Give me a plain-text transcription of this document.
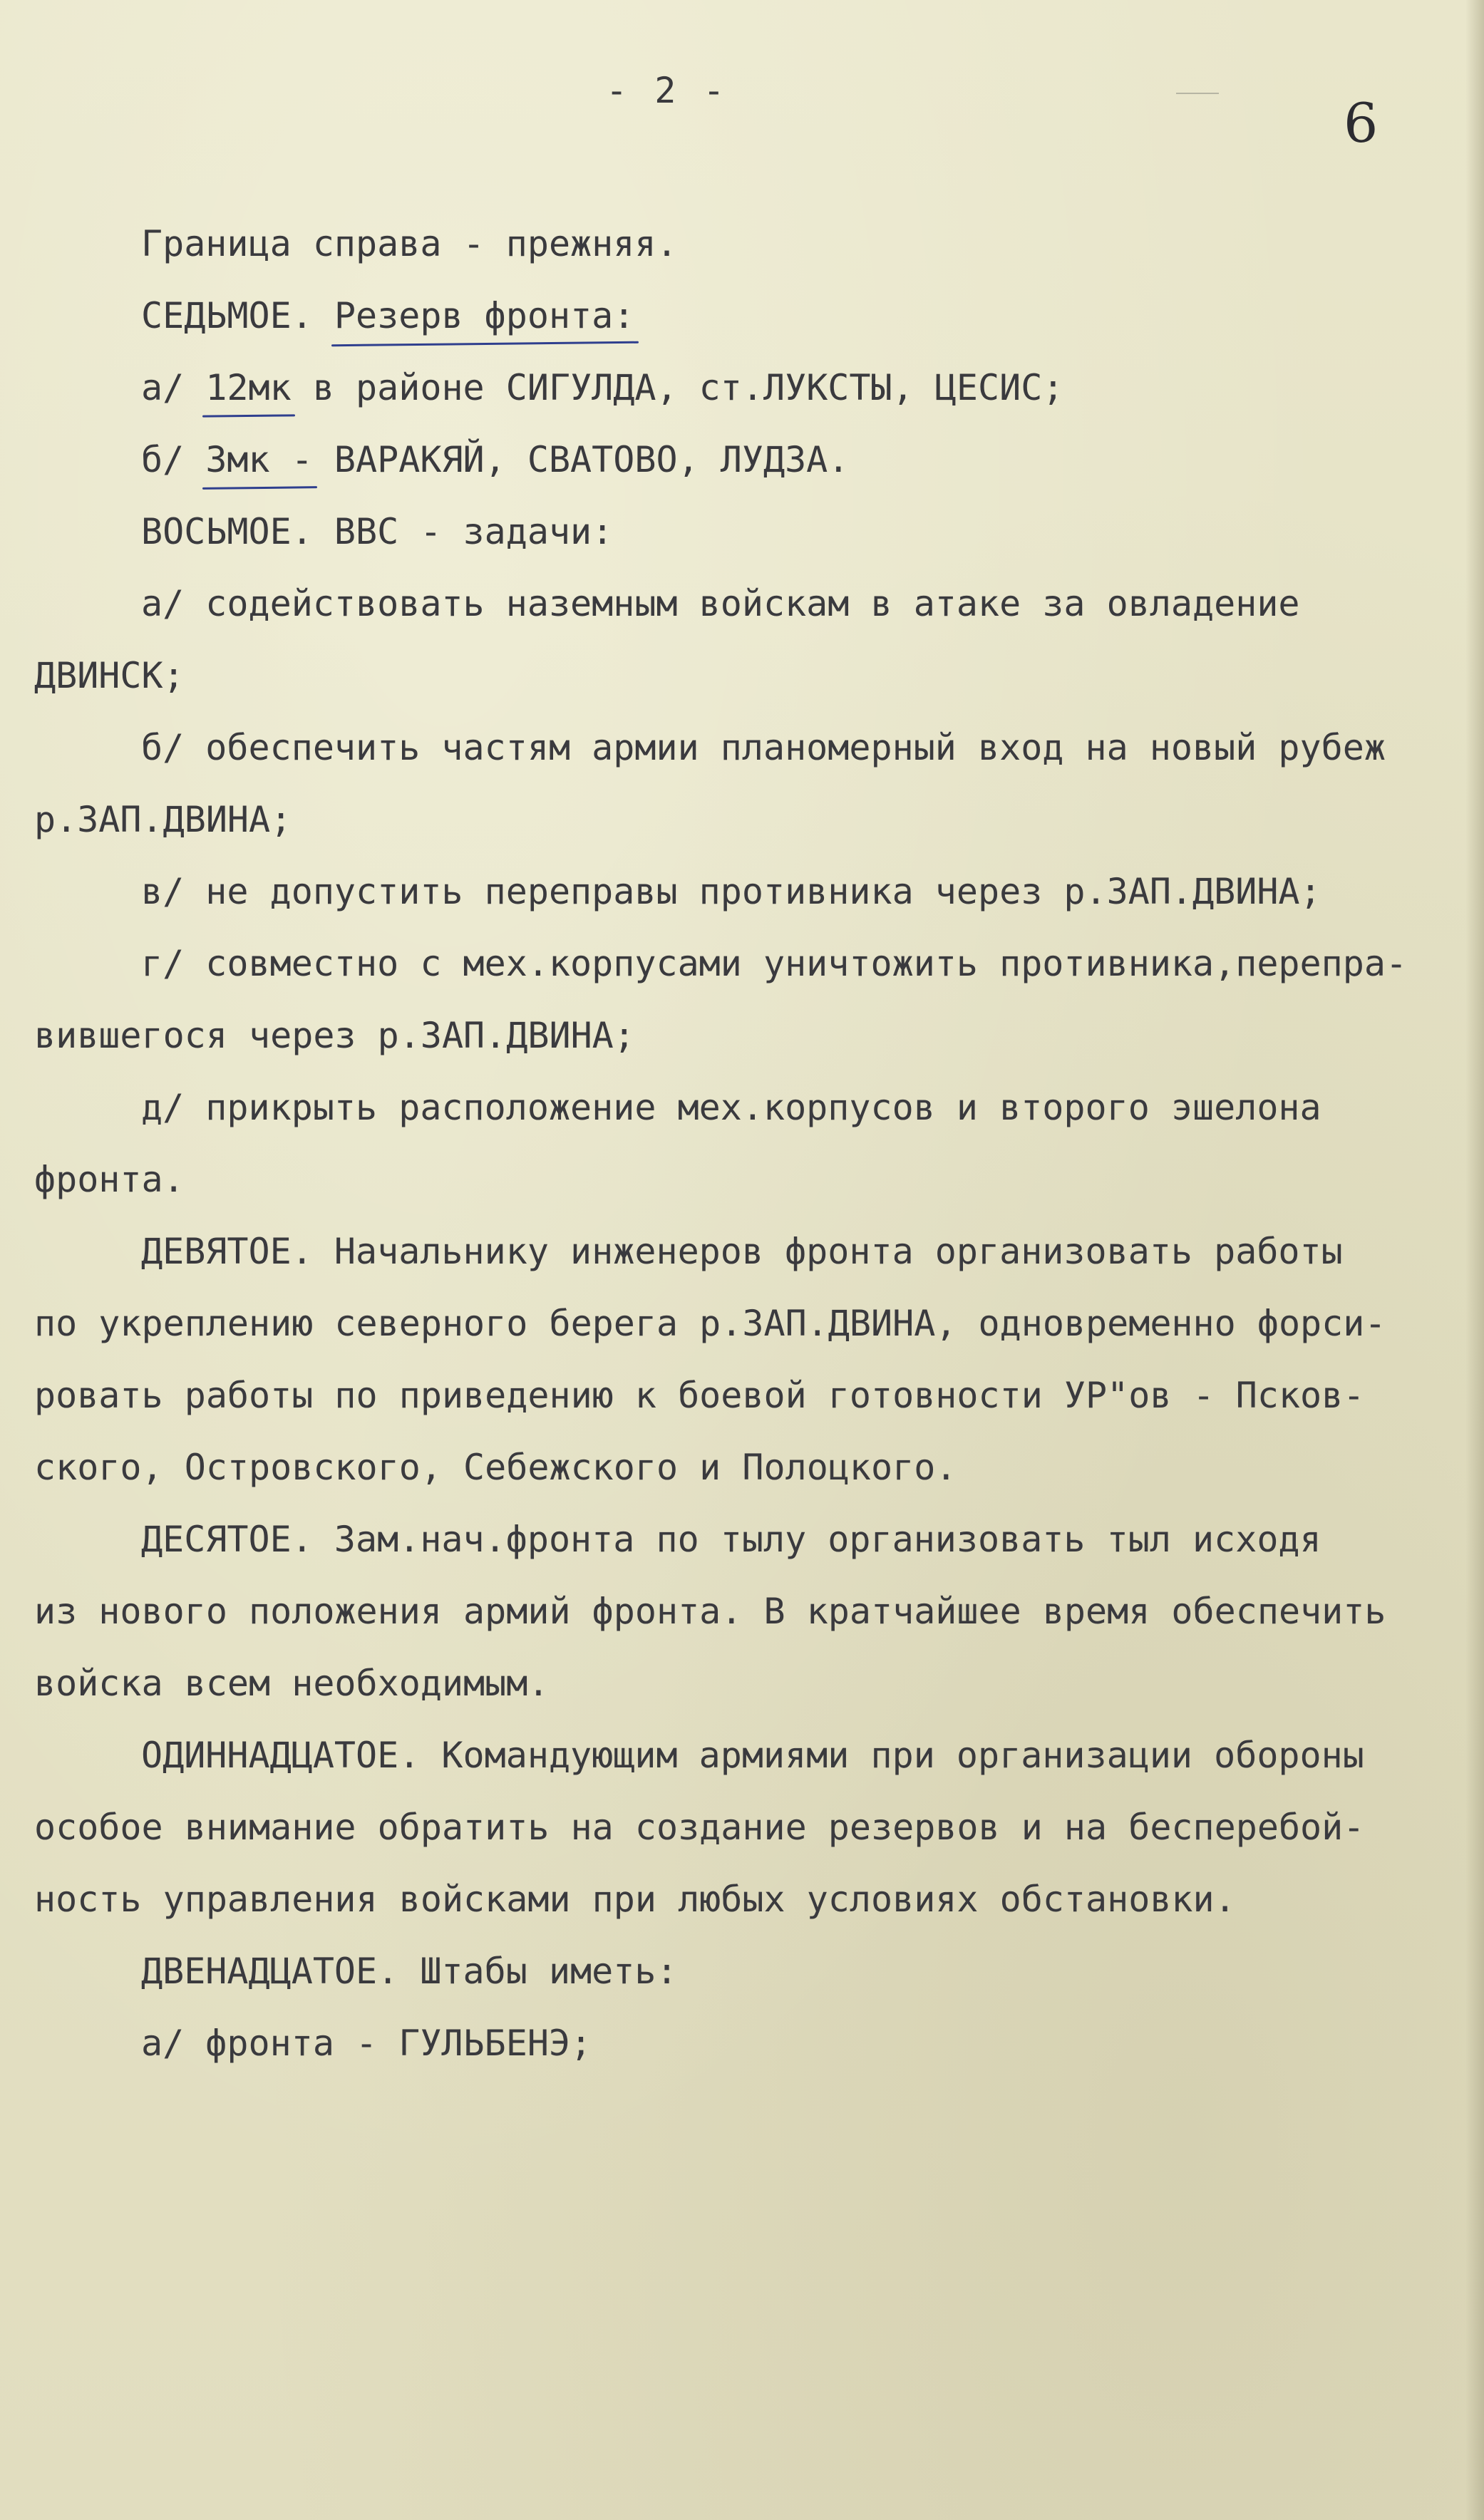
- 2 -
6
Граница справа - прежняя.
СЕДЬМОЕ. Резерв фронта:
а/ 12мк в районе СИГУЛДА, ст.ЛУКСТЫ, ЦЕСИС;
б/ 3мк - ВАРАКЯЙ, СВАТОВО, ЛУДЗА.
ВОСЬМОЕ. ВВС - задачи:
а/ содействовать наземным войскам в атаке за овладение
ДВИНСК;
б/ обеспечить частям армии планомерный вход на новый рубеж
р.ЗАП.ДВИНА;
в/ не допустить переправы противника через р.ЗАП.ДВИНА;
г/ совместно с мех.корпусами уничтожить противника,перепра-
вившегося через р.ЗАП.ДВИНА;
д/ прикрыть расположение мех.корпусов и второго эшелона
фронта.
ДЕВЯТОЕ. Начальнику инженеров фронта организовать работы
по укреплению северного берега р.ЗАП.ДВИНА, одновременно форси-
ровать работы по приведению к боевой готовности УР"ов - Псков-
ского, Островского, Себежского и Полоцкого.
ДЕСЯТОЕ. Зам.нач.фронта по тылу организовать тыл исходя
из нового положения армий фронта. В кратчайшее время обеспечить
войска всем необходимым.
ОДИННАДЦАТОЕ. Командующим армиями при организации обороны
особое внимание обратить на создание резервов и на бесперебой-
ность управления войсками при любых условиях обстановки.
ДВЕНАДЦАТОЕ. Штабы иметь:
а/ фронта - ГУЛЬБЕНЭ;
